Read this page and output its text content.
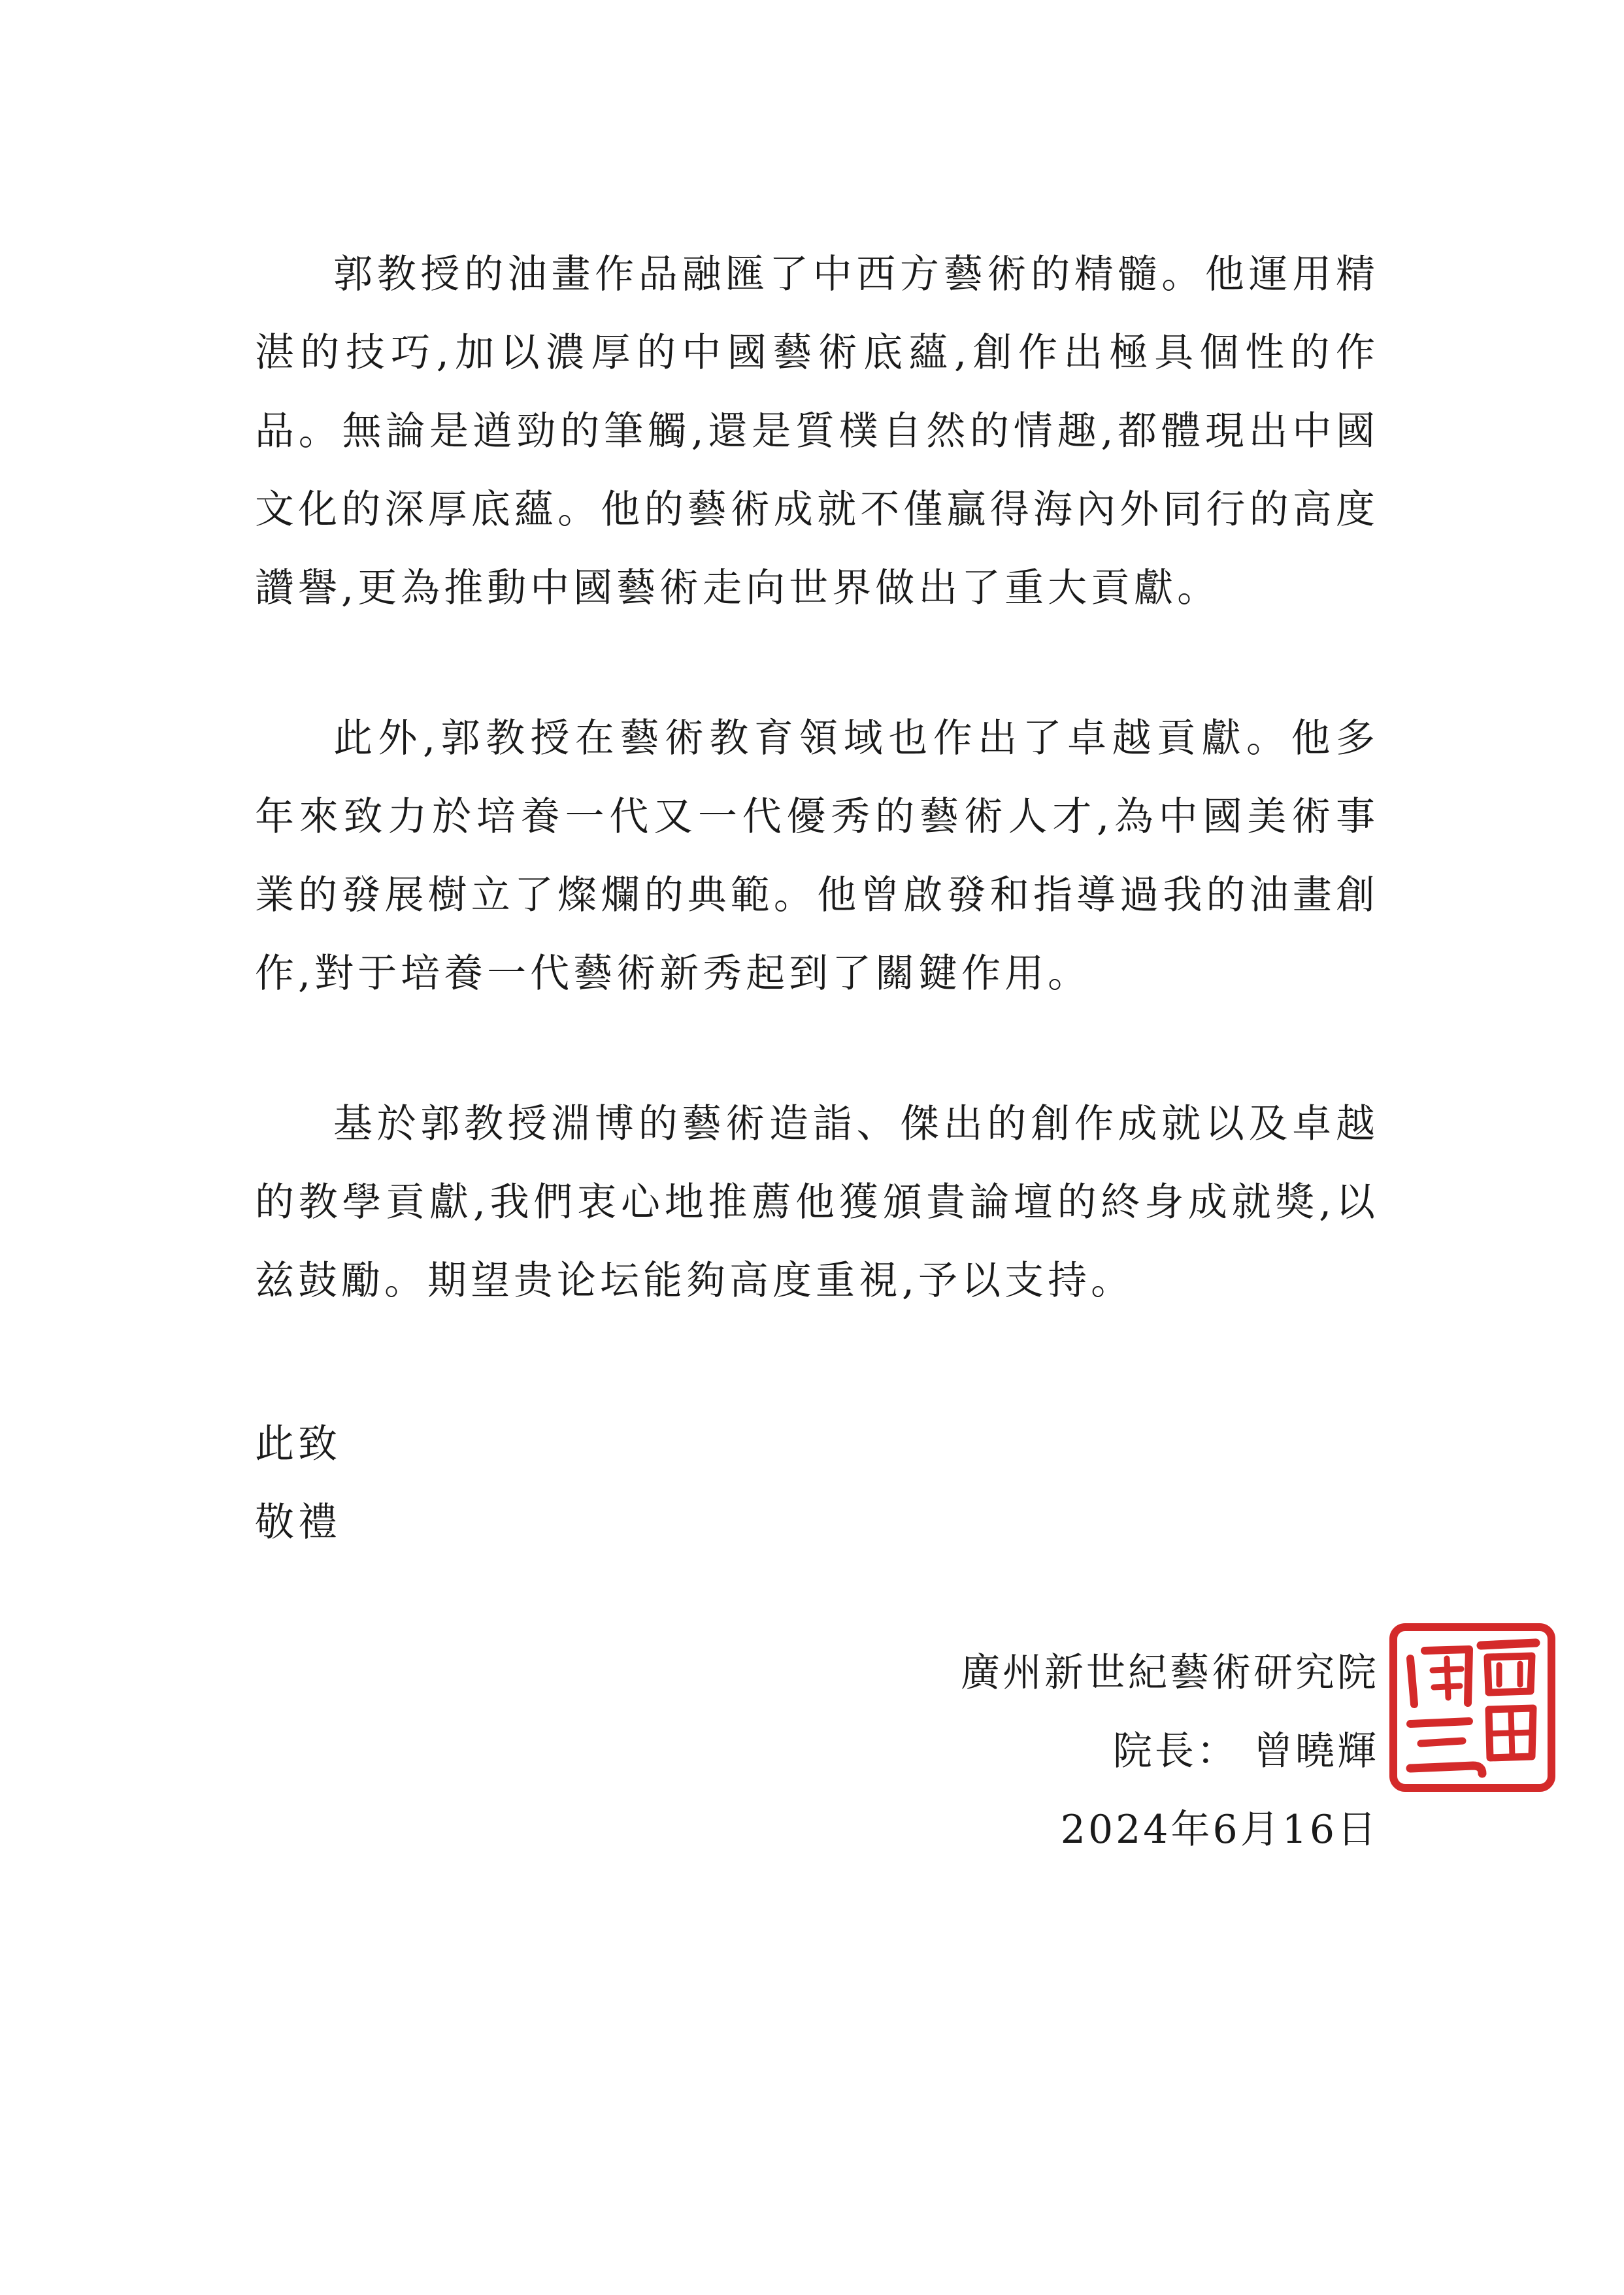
郭教授的油畫作品融匯了中西方藝術的精髓。他運用精湛的技巧,加以濃厚的中國藝術底蘊,創作出極具個性的作品。無論是遒勁的筆觸,還是質樸自然的情趣,都體現出中國文化的深厚底蘊。他的藝術成就不僅贏得海內外同行的高度讚譽,更為推動中國藝術走向世界做出了重大貢獻。

此外,郭教授在藝術教育領域也作出了卓越貢獻。他多年來致力於培養一代又一代優秀的藝術人才,為中國美術事業的發展樹立了燦爛的典範。他曾啟發和指導過我的油畫創作,對于培養一代藝術新秀起到了關鍵作用。

基於郭教授淵博的藝術造詣、傑出的創作成就以及卓越的教學貢獻,我們衷心地推薦他獲頒貴論壇的終身成就獎,以兹鼓勵。期望贵论坛能夠高度重視,予以支持。

此致
敬禮
廣州新世紀藝術研究院
院長： 曾曉輝
2024年6月16日
